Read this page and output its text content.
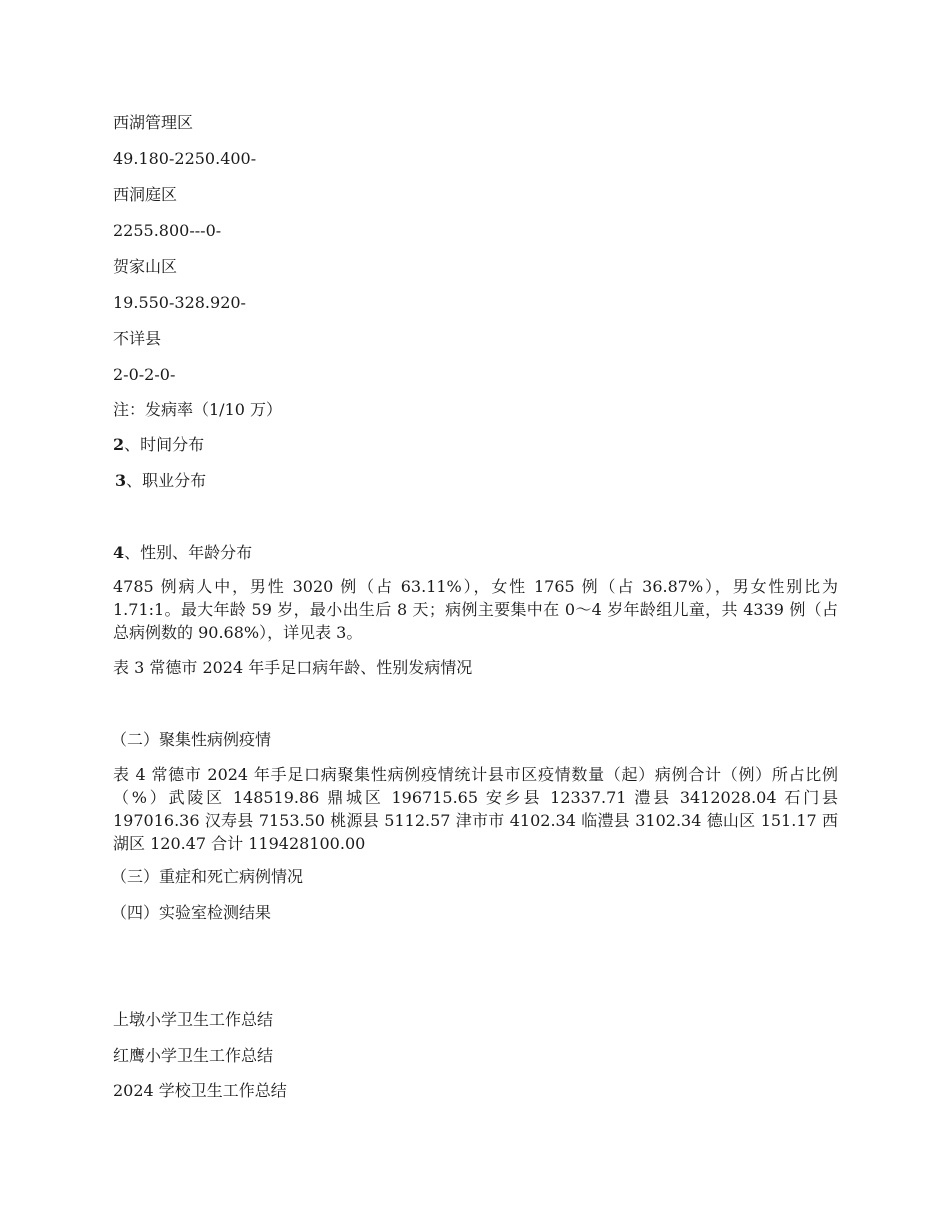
西湖管理区
49.180-2250.400-
西洞庭区
2255.800---0-
贺家山区
19.550-328.920-
不详县
2-0-2-0-
注：发病率（1/10 万）
2、时间分布
3、职业分布
4、性别、年龄分布
4785 例病人中，男性 3020 例（占 63.11%），女性 1765 例（占 36.87%），男女性别比为 1.71:1。最大年龄 59 岁，最小出生后 8 天；病例主要集中在 0～4 岁年龄组儿童，共 4339 例（占总病例数的 90.68%），详见表 3。
表 3 常德市 2024 年手足口病年龄、性别发病情况
（二）聚集性病例疫情
表 4 常德市 2024 年手足口病聚集性病例疫情统计县市区疫情数量（起）病例合计（例）所占比例（%）武陵区 148519.86 鼎城区 196715.65 安乡县 12337.71 澧县 3412028.04 石门县 197016.36 汉寿县 7153.50 桃源县 5112.57 津市市 4102.34 临澧县 3102.34 德山区 151.17 西湖区 120.47 合计 119428100.00
（三）重症和死亡病例情况
（四）实验室检测结果
上墩小学卫生工作总结
红鹰小学卫生工作总结
2024 学校卫生工作总结
